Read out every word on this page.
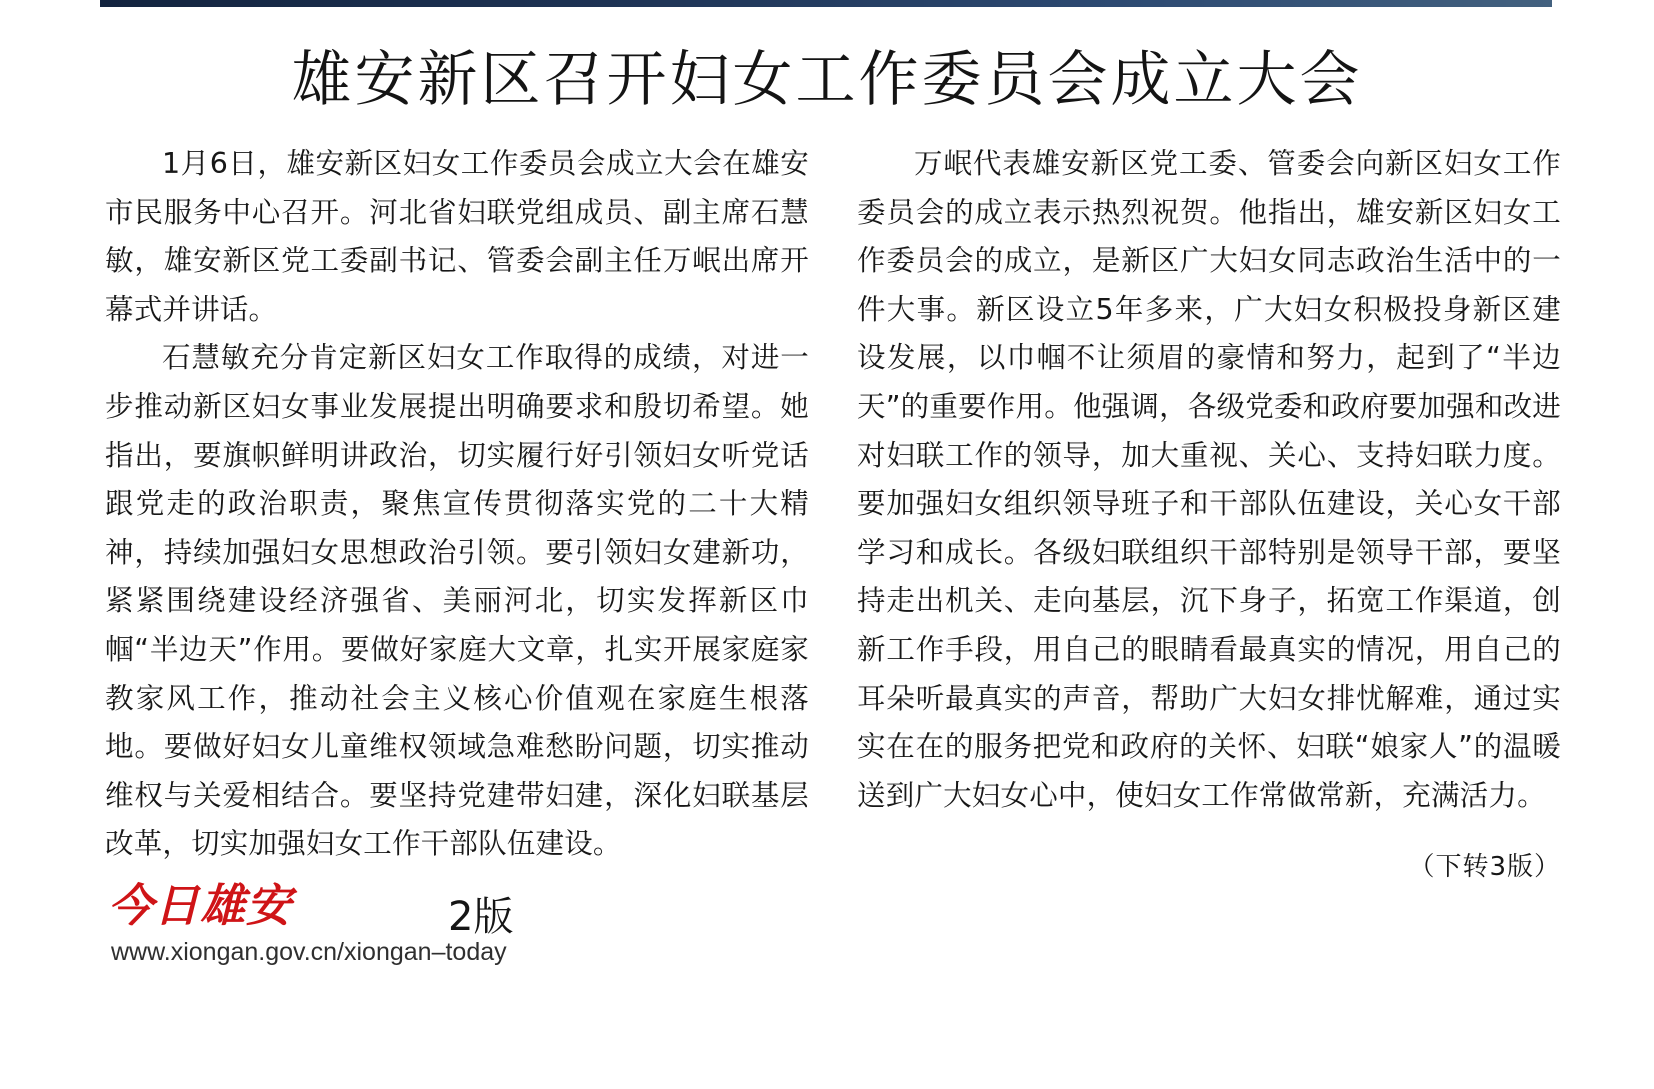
雄安新区召开妇女工作委员会成立大会

1月6日，雄安新区妇女工作委员会成立大会在雄安市民服务中心召开。河北省妇联党组成员、副主席石慧敏，雄安新区党工委副书记、管委会副主任万岷出席开幕式并讲话。

石慧敏充分肯定新区妇女工作取得的成绩，对进一步推动新区妇女事业发展提出明确要求和殷切希望。她指出，要旗帜鲜明讲政治，切实履行好引领妇女听党话跟党走的政治职责，聚焦宣传贯彻落实党的二十大精神，持续加强妇女思想政治引领。要引领妇女建新功，紧紧围绕建设经济强省、美丽河北，切实发挥新区巾帼“半边天”作用。要做好家庭大文章，扎实开展家庭家教家风工作，推动社会主义核心价值观在家庭生根落地。要做好妇女儿童维权领域急难愁盼问题，切实推动维权与关爱相结合。要坚持党建带妇建，深化妇联基层改革，切实加强妇女工作干部队伍建设。

万岷代表雄安新区党工委、管委会向新区妇女工作委员会的成立表示热烈祝贺。他指出，雄安新区妇女工作委员会的成立，是新区广大妇女同志政治生活中的一件大事。新区设立5年多来，广大妇女积极投身新区建设发展，以巾帼不让须眉的豪情和努力，起到了“半边天”的重要作用。他强调，各级党委和政府要加强和改进对妇联工作的领导，加大重视、关心、支持妇联力度。要加强妇女组织领导班子和干部队伍建设，关心女干部学习和成长。各级妇联组织干部特别是领导干部，要坚持走出机关、走向基层，沉下身子，拓宽工作渠道，创新工作手段，用自己的眼睛看最真实的情况，用自己的耳朵听最真实的声音，帮助广大妇女排忧解难，通过实实在在的服务把党和政府的关怀、妇联“娘家人”的温暖送到广大妇女心中，使妇女工作常做常新，充满活力。

（下转3版）
今日雄安
www.xiongan.gov.cn/xiongan–today
2版
